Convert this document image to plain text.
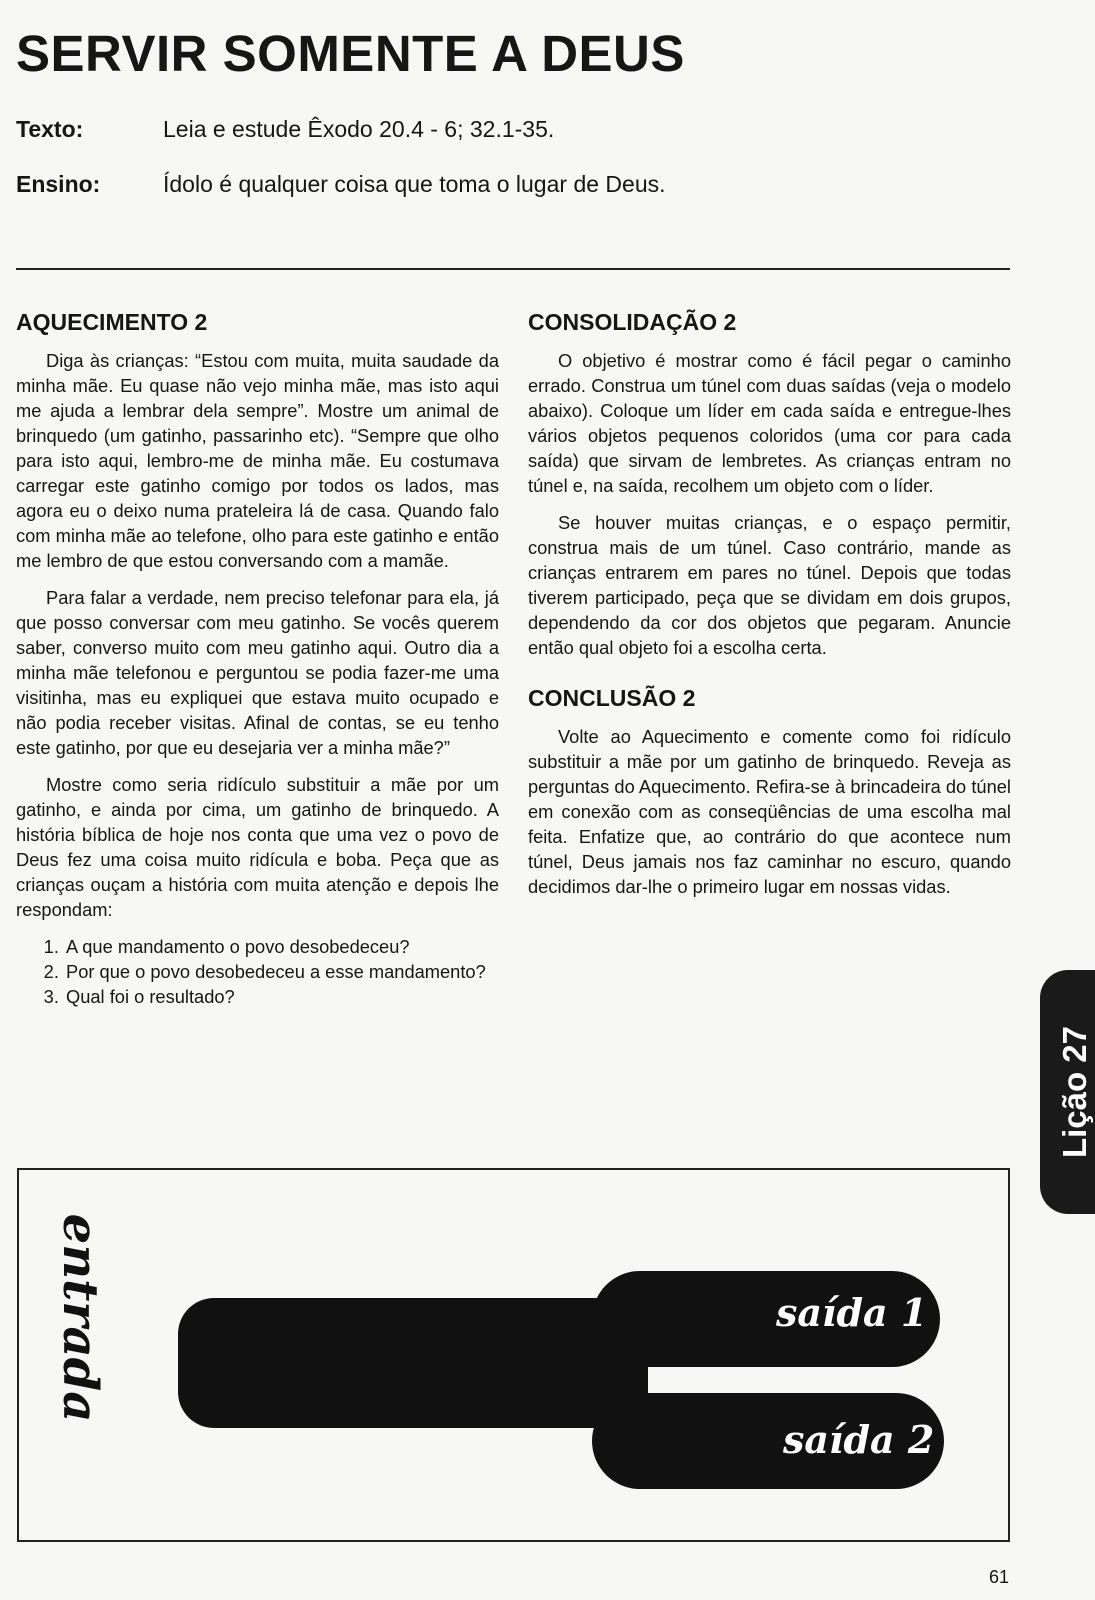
SERVIR SOMENTE A DEUS
Texto:	Leia e estude Êxodo 20.4 - 6; 32.1-35.
Ensino:	Ídolo é qualquer coisa que toma o lugar de Deus.
AQUECIMENTO 2

Diga às crianças: “Estou com muita, muita saudade da minha mãe. Eu quase não vejo minha mãe, mas isto aqui me ajuda a lembrar dela sempre”. Mostre um animal de brinquedo (um gatinho, passarinho etc). “Sempre que olho para isto aqui, lembro-me de minha mãe. Eu costumava carregar este gatinho comigo por todos os lados, mas agora eu o deixo numa prateleira lá de casa. Quando falo com minha mãe ao telefone, olho para este gatinho e então me lembro de que estou conversando com a mamãe.

Para falar a verdade, nem preciso telefonar para ela, já que posso conversar com meu gatinho. Se vocês querem saber, converso muito com meu gatinho aqui. Outro dia a minha mãe telefonou e perguntou se podia fazer-me uma visitinha, mas eu expliquei que estava muito ocupado e não podia receber visitas. Afinal de contas, se eu tenho este gatinho, por que eu desejaria ver a minha mãe?”

Mostre como seria ridículo substituir a mãe por um gatinho, e ainda por cima, um gatinho de brinquedo. A história bíblica de hoje nos conta que uma vez o povo de Deus fez uma coisa muito ridícula e boba. Peça que as crianças ouçam a história com muita atenção e depois lhe respondam:

1. A que mandamento o povo desobedeceu?
2. Por que o povo desobedeceu a esse mandamento?
3. Qual foi o resultado?
CONSOLIDAÇÃO 2

O objetivo é mostrar como é fácil pegar o caminho errado. Construa um túnel com duas saídas (veja o modelo abaixo). Coloque um líder em cada saída e entregue-lhes vários objetos pequenos coloridos (uma cor para cada saída) que sirvam de lembretes. As crianças entram no túnel e, na saída, recolhem um objeto com o líder.

Se houver muitas crianças, e o espaço permitir, construa mais de um túnel. Caso contrário, mande as crianças entrarem em pares no túnel. Depois que todas tiverem participado, peça que se dividam em dois grupos, dependendo da cor dos objetos que pegaram. Anuncie então qual objeto foi a escolha certa.

CONCLUSÃO 2

Volte ao Aquecimento e comente como foi ridículo substituir a mãe por um gatinho de brinquedo. Reveja as perguntas do Aquecimento. Refira-se à brincadeira do túnel em conexão com as conseqüências de uma escolha mal feita. Enfatize que, ao contrário do que acontece num túnel, Deus jamais nos faz caminhar no escuro, quando decidimos dar-lhe o primeiro lugar em nossas vidas.

Lição 27
entrada	saída 1
saída 2
61
